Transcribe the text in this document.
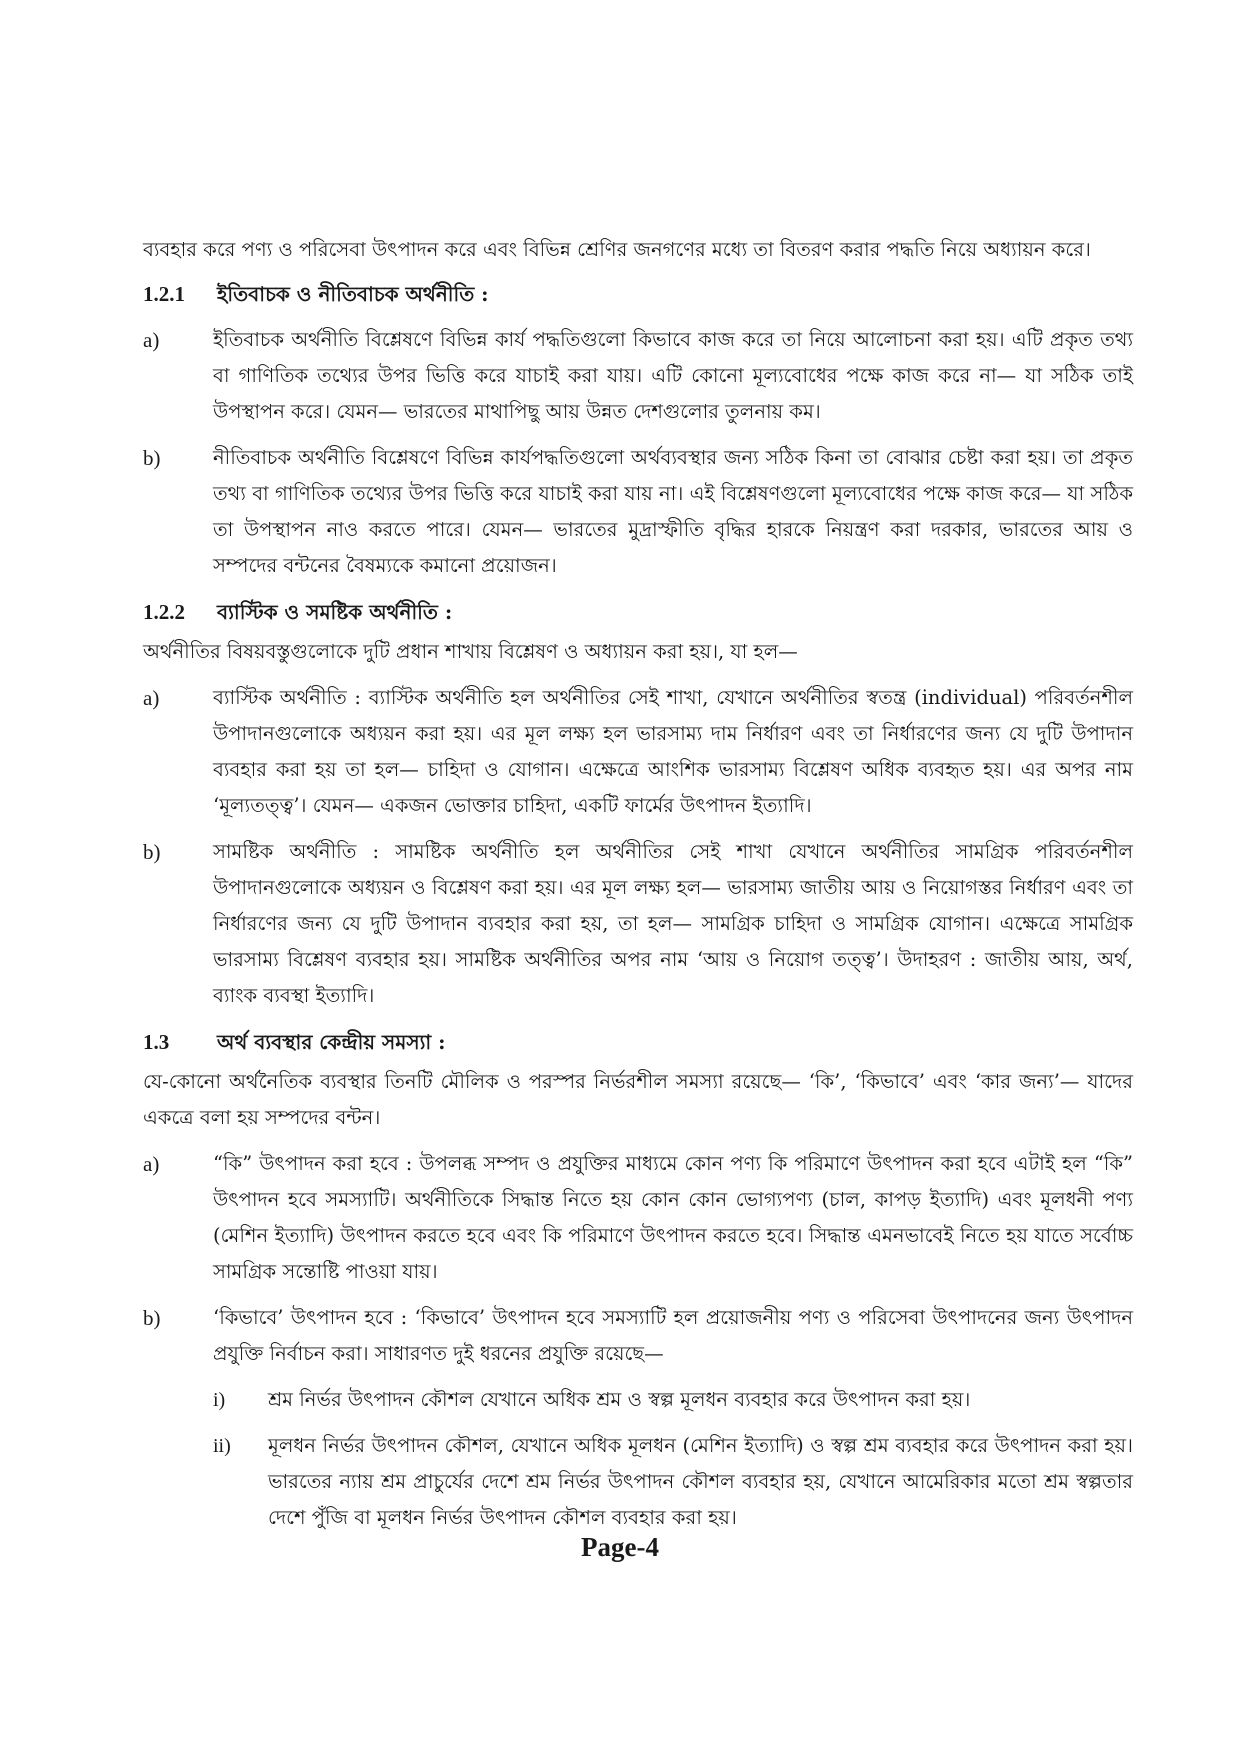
ব্যবহার করে পণ্য ও পরিসেবা উৎপাদন করে এবং বিভিন্ন শ্রেণির জনগণের মধ্যে তা বিতরণ করার পদ্ধতি নিয়ে অধ্যায়ন করে।

1.2.1	ইতিবাচক ও নীতিবাচক অর্থনীতি :
a)	ইতিবাচক অর্থনীতি বিশ্লেষণে বিভিন্ন কার্য পদ্ধতিগুলো কিভাবে কাজ করে তা নিয়ে আলোচনা করা হয়। এটি প্রকৃত তথ্য বা গাণিতিক তথ্যের উপর ভিত্তি করে যাচাই করা যায়। এটি কোনো মূল্যবোধের পক্ষে কাজ করে না— যা সঠিক তাই উপস্থাপন করে। যেমন— ভারতের মাথাপিছু আয় উন্নত দেশগুলোর তুলনায় কম।

b)	নীতিবাচক অর্থনীতি বিশ্লেষণে বিভিন্ন কার্যপদ্ধতিগুলো অর্থব্যবস্থার জন্য সঠিক কিনা তা বোঝার চেষ্টা করা হয়। তা প্রকৃত তথ্য বা গাণিতিক তথ্যের উপর ভিত্তি করে যাচাই করা যায় না। এই বিশ্লেষণগুলো মূল্যবোধের পক্ষে কাজ করে— যা সঠিক তা উপস্থাপন নাও করতে পারে। যেমন— ভারতের মুদ্রাস্ফীতি বৃদ্ধির হারকে নিয়ন্ত্রণ করা দরকার, ভারতের আয় ও সম্পদের বন্টনের বৈষম্যকে কমানো প্রয়োজন।

1.2.2	ব্যাস্টিক ও সমষ্টিক অর্থনীতি :

অর্থনীতির বিষয়বস্তুগুলোকে দুটি প্রধান শাখায় বিশ্লেষণ ও অধ্যায়ন করা হয়।, যা হল—

a)	ব্যাস্টিক অর্থনীতি : ব্যাস্টিক অর্থনীতি হল অর্থনীতির সেই শাখা, যেখানে অর্থনীতির স্বতন্ত্র (individual) পরিবর্তনশীল উপাদানগুলোকে অধ্যয়ন করা হয়। এর মূল লক্ষ্য হল ভারসাম্য দাম নির্ধারণ এবং তা নির্ধারণের জন্য যে দুটি উপাদান ব্যবহার করা হয় তা হল— চাহিদা ও যোগান। এক্ষেত্রে আংশিক ভারসাম্য বিশ্লেষণ অধিক ব্যবহৃত হয়। এর অপর নাম ‘মূল্যতত্ত্ব’। যেমন— একজন ভোক্তার চাহিদা, একটি ফার্মের উৎপাদন ইত্যাদি।

b)	সামষ্টিক অর্থনীতি : সামষ্টিক অর্থনীতি হল অর্থনীতির সেই শাখা যেখানে অর্থনীতির সামগ্রিক পরিবর্তনশীল উপাদানগুলোকে অধ্যয়ন ও বিশ্লেষণ করা হয়। এর মূল লক্ষ্য হল— ভারসাম্য জাতীয় আয় ও নিয়োগস্তর নির্ধারণ এবং তা নির্ধারণের জন্য যে দুটি উপাদান ব্যবহার করা হয়, তা হল— সামগ্রিক চাহিদা ও সামগ্রিক যোগান। এক্ষেত্রে সামগ্রিক ভারসাম্য বিশ্লেষণ ব্যবহার হয়। সামষ্টিক অর্থনীতির অপর নাম ‘আয় ও নিয়োগ তত্ত্ব’। উদাহরণ : জাতীয় আয়, অর্থ, ব্যাংক ব্যবস্থা ইত্যাদি।

1.3	অর্থ ব্যবস্থার কেন্দ্রীয় সমস্যা :

যে-কোনো অর্থনৈতিক ব্যবস্থার তিনটি মৌলিক ও পরস্পর নির্ভরশীল সমস্যা রয়েছে— ‘কি’, ‘কিভাবে’ এবং ‘কার জন্য’— যাদের একত্রে বলা হয় সম্পদের বন্টন।

a)	“কি” উৎপাদন করা হবে : উপলব্ধ সম্পদ ও প্রযুক্তির মাধ্যমে কোন পণ্য কি পরিমাণে উৎপাদন করা হবে এটাই হল “কি” উৎপাদন হবে সমস্যাটি। অর্থনীতিকে সিদ্ধান্ত নিতে হয় কোন কোন ভোগ্যপণ্য (চাল, কাপড় ইত্যাদি) এবং মূলধনী পণ্য (মেশিন ইত্যাদি) উৎপাদন করতে হবে এবং কি পরিমাণে উৎপাদন করতে হবে। সিদ্ধান্ত এমনভাবেই নিতে হয় যাতে সর্বোচ্চ সামগ্রিক সন্তোষ্টি পাওয়া যায়।

b)	‘কিভাবে’ উৎপাদন হবে : ‘কিভাবে’ উৎপাদন হবে সমস্যাটি হল প্রয়োজনীয় পণ্য ও পরিসেবা উৎপাদনের জন্য উৎপাদন প্রযুক্তি নির্বাচন করা। সাধারণত দুই ধরনের প্রযুক্তি রয়েছে—

i)	শ্রম নির্ভর উৎপাদন কৌশল যেখানে অধিক শ্রম ও স্বল্প মূলধন ব্যবহার করে উৎপাদন করা হয়।

ii)	মূলধন নির্ভর উৎপাদন কৌশল, যেখানে অধিক মূলধন (মেশিন ইত্যাদি) ও স্বল্প শ্রম ব্যবহার করে উৎপাদন করা হয়। ভারতের ন্যায় শ্রম প্রাচুর্যের দেশে শ্রম নির্ভর উৎপাদন কৌশল ব্যবহার হয়, যেখানে আমেরিকার মতো শ্রম স্বল্পতার দেশে পুঁজি বা মূলধন নির্ভর উৎপাদন কৌশল ব্যবহার করা হয়।

Page-4
